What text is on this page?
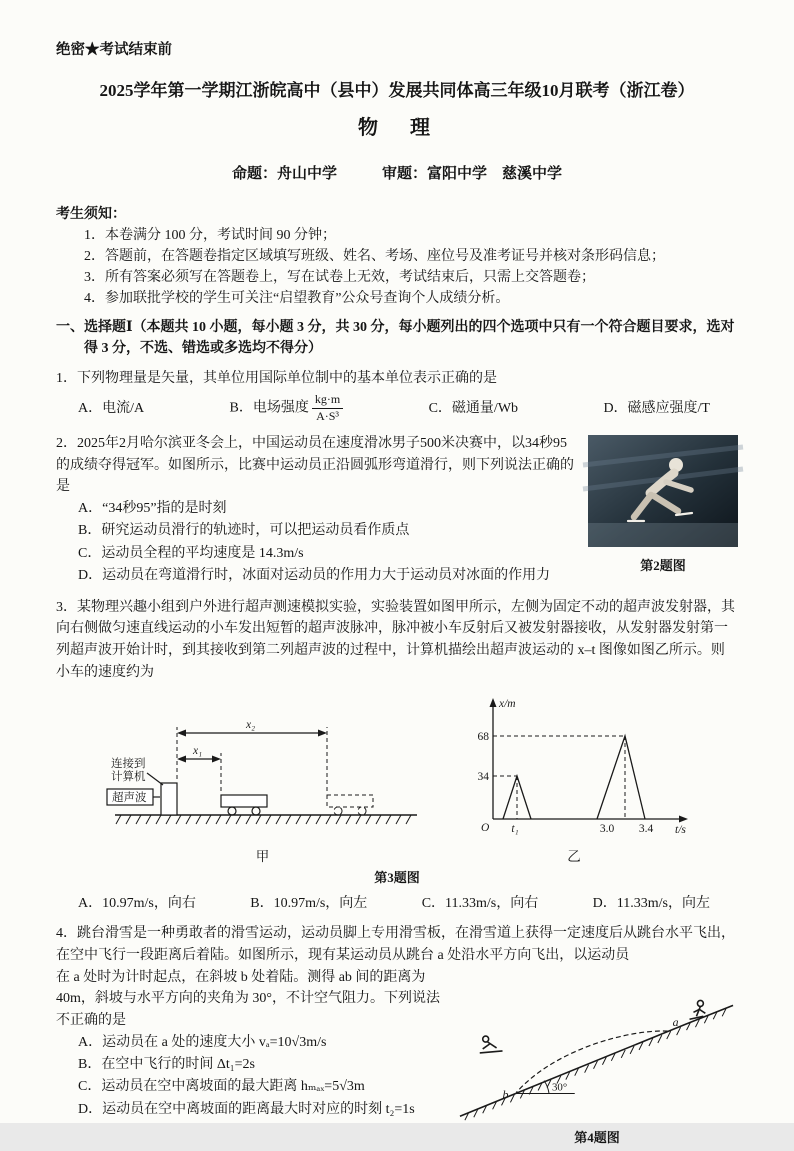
绝密★考试结束前
2025学年第一学期江浙皖高中（县中）发展共同体高三年级10月联考（浙江卷）
物　理
命题：舟山中学　　　审题：富阳中学　慈溪中学
考生须知：
1．本卷满分 100 分，考试时间 90 分钟；
2．答题前，在答题卷指定区域填写班级、姓名、考场、座位号及准考证号并核对条形码信息；
3．所有答案必须写在答题卷上，写在试卷上无效，考试结束后，只需上交答题卷；
4．参加联批学校的学生可关注“启望教育”公众号查询个人成绩分析。
一、选择题Ⅰ（本题共 10 小题，每小题 3 分，共 30 分，每小题列出的四个选项中只有一个符合题目要求，选对得 3 分，不选、错选或多选均不得分）
1．下列物理量是矢量，其单位用国际单位制中的基本单位表示正确的是
A．电流/A	B．电场强度 $\frac{kg\cdot m}{\text{A·S³}}$	C．磁通量/Wb	D．磁感应强度/T
第2题图
2．2025年2月哈尔滨亚冬会上，中国运动员在速度滑冰男子500米决赛中，以34秒95的成绩夺得冠军。如图所示，比赛中运动员正沿圆弧形弯道滑行，则下列说法正确的是
A．“34秒95”指的是时刻
B．研究运动员滑行的轨迹时，可以把运动员看作质点
C．运动员全程的平均速度是 14.3m/s
D．运动员在弯道滑行时，冰面对运动员的作用力大于运动员对冰面的作用力
3．某物理兴趣小组到户外进行超声测速模拟实验，实验装置如图甲所示，左侧为固定不动的超声波发射器，其向右侧做匀速直线运动的小车发出短暂的超声波脉冲，脉冲被小车反射后又被发射器接收，从发射器发射第一列超声波开始计时，到其接收到第二列超声波的过程中，计算机描绘出超声波运动的 x–t 图像如图乙所示。则小车的速度约为
连接到
计算机
超声波
x₂
x₁
甲
x/m
t/s
O
68
34
t₁	3.0 3.4
乙
第3题图
A．10.97m/s，向右	B．10.97m/s，向左	C．11.33m/s，向右	D．11.33m/s，向左
4．跳台滑雪是一种勇敢者的滑雪运动，运动员脚上专用滑雪板，在滑雪道上获得一定速度后从跳台水平飞出，在空中飞行一段距离后着陆。如图所示，现有某运动员从跳台 a 处沿水平方向飞出，以运动员
a
b	30°
第4题图
在 a 处时为计时起点，在斜坡 b 处着陆。测得 ab 间的距离为 40m，斜坡与水平方向的夹角为 30°，不计空气阻力。下列说法不正确的是
A．运动员在 a 处的速度大小 vₐ=10√3m/s
B．在空中飞行的时间 Δt₁=2s
C．运动员在空中离坡面的最大距离 hₘₐₓ=5√3m
D．运动员在空中离坡面的距离最大时对应的时刻 t₂=1s
